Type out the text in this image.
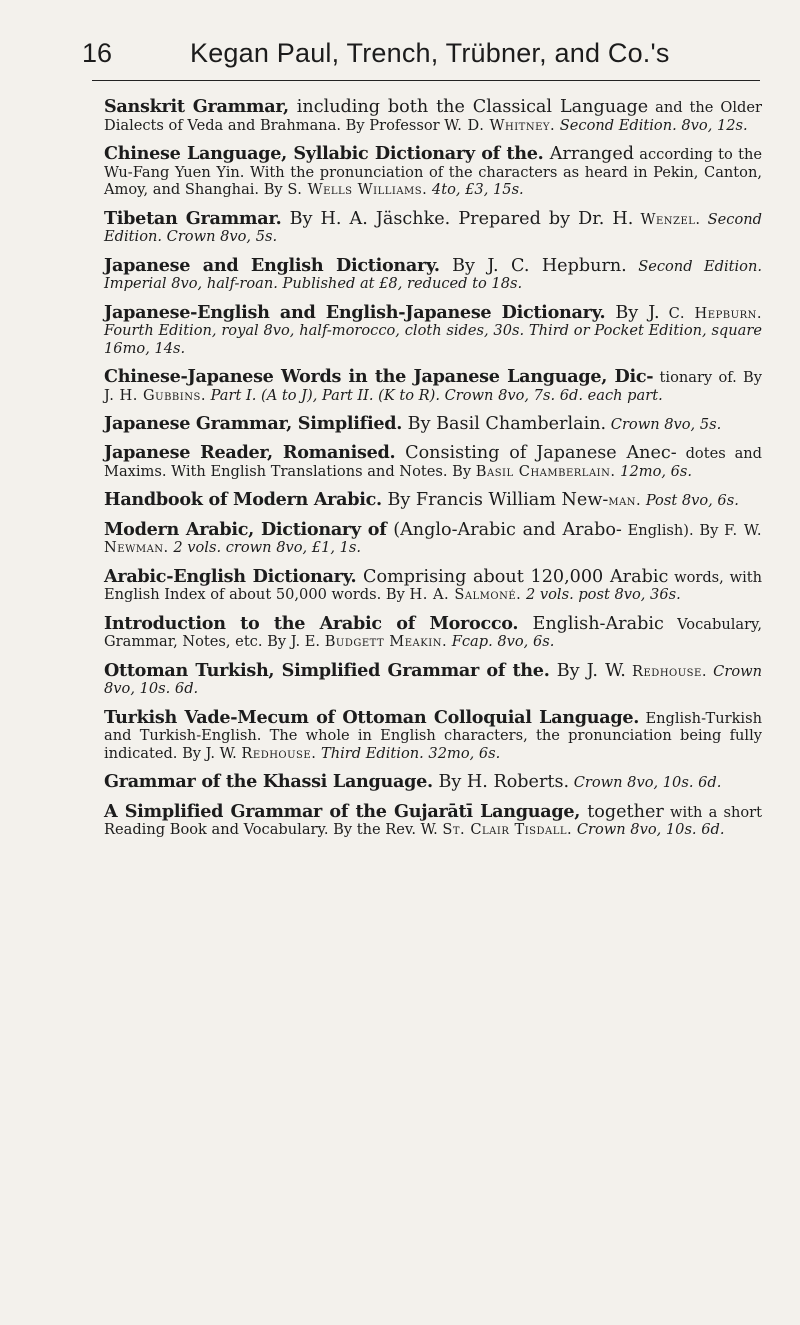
16	Kegan Paul, Trench, Trübner, and Co.'s

Sanskrit Grammar, including both the Classical Language and the Older Dialects of Veda and Brahmana. By Professor W. D. Whitney. Second Edition. 8vo, 12s.

Chinese Language, Syllabic Dictionary of the. Arranged according to the Wu-Fang Yuen Yin. With the pronunciation of the characters as heard in Pekin, Canton, Amoy, and Shanghai. By S. Wells Williams. 4to, £3, 15s.

Tibetan Grammar. By H. A. Jäschke. Prepared by Dr. H. Wenzel. Second Edition. Crown 8vo, 5s.

Japanese and English Dictionary. By J. C. Hepburn. Second Edition. Imperial 8vo, half-roan. Published at £8, reduced to 18s.

Japanese-English and English-Japanese Dictionary. By J. C. Hepburn. Fourth Edition, royal 8vo, half-morocco, cloth sides, 30s. Third or Pocket Edition, square 16mo, 14s.

Chinese-Japanese Words in the Japanese Language, Dic- tionary of. By J. H. Gubbins. Part I. (A to J), Part II. (K to R). Crown 8vo, 7s. 6d. each part.

Japanese Grammar, Simplified. By Basil Chamberlain. Crown 8vo, 5s.

Japanese Reader, Romanised. Consisting of Japanese Anec- dotes and Maxims. With English Translations and Notes. By Basil Chamberlain. 12mo, 6s.

Handbook of Modern Arabic. By Francis William New-man. Post 8vo, 6s.

Modern Arabic, Dictionary of (Anglo-Arabic and Arabo- English). By F. W. Newman. 2 vols. crown 8vo, £1, 1s.

Arabic-English Dictionary. Comprising about 120,000 Arabic words, with English Index of about 50,000 words. By H. A. Salmoné. 2 vols. post 8vo, 36s.

Introduction to the Arabic of Morocco. English-Arabic Vocabulary, Grammar, Notes, etc. By J. E. Budgett Meakin. Fcap. 8vo, 6s.

Ottoman Turkish, Simplified Grammar of the. By J. W. Redhouse. Crown 8vo, 10s. 6d.

Turkish Vade-Mecum of Ottoman Colloquial Language. English-Turkish and Turkish-English. The whole in English characters, the pronunciation being fully indicated. By J. W. Redhouse. Third Edition. 32mo, 6s.

Grammar of the Khassi Language. By H. Roberts. Crown 8vo, 10s. 6d.

A Simplified Grammar of the Gujarātī Language, together with a short Reading Book and Vocabulary. By the Rev. W. St. Clair Tisdall. Crown 8vo, 10s. 6d.
